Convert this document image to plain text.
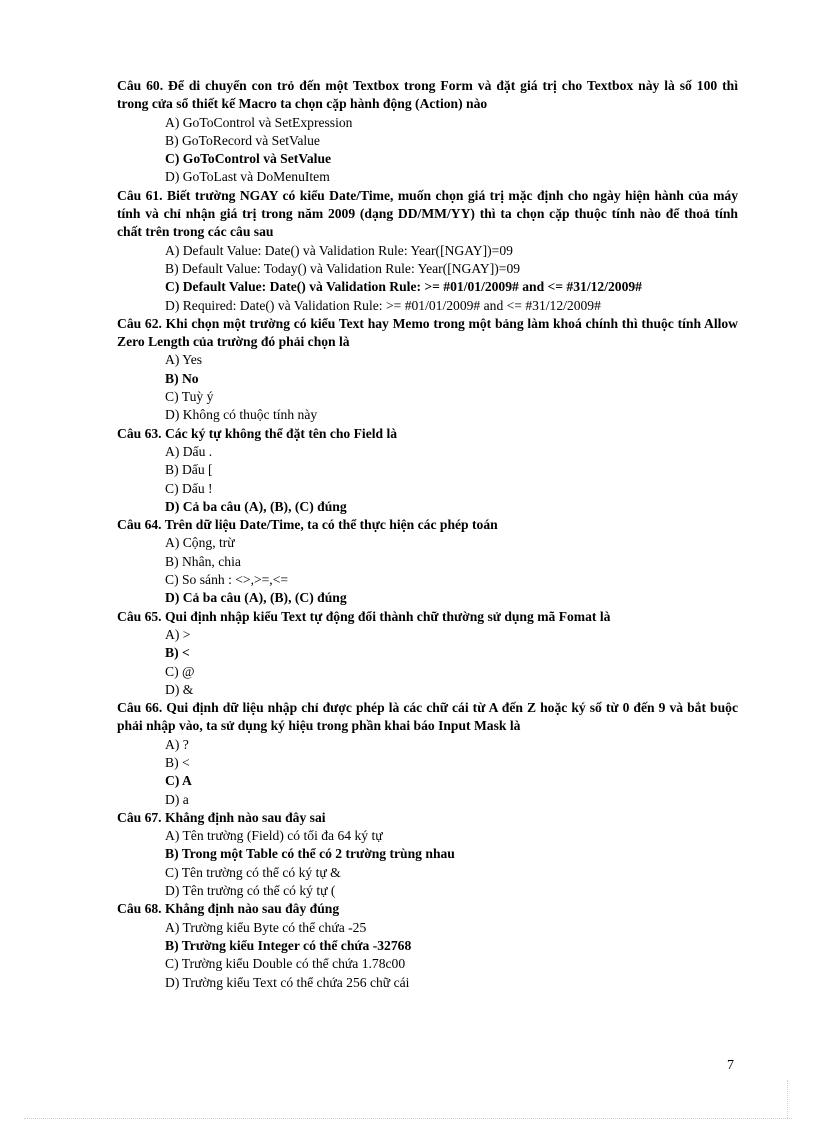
Câu 60. Để di chuyển con trỏ đến một Textbox trong Form và đặt giá trị cho Textbox này là số 100 thì trong cửa sổ thiết kế Macro ta chọn cặp hành động (Action) nào
A) GoToControl và SetExpression
B) GoToRecord và SetValue
C) GoToControl và SetValue
D) GoToLast và DoMenuItem
Câu 61. Biết trường NGAY có kiểu Date/Time, muốn chọn giá trị mặc định cho ngày hiện hành của máy tính và chỉ nhận giá trị trong năm 2009 (dạng DD/MM/YY) thì ta chọn cặp thuộc tính nào để thoả tính chất trên trong các câu sau
A) Default Value: Date() và Validation Rule: Year([NGAY])=09
B) Default Value: Today() và Validation Rule: Year([NGAY])=09
C) Default Value: Date() và Validation Rule: >= #01/01/2009# and <= #31/12/2009#
D) Required: Date() và Validation Rule: >= #01/01/2009# and <= #31/12/2009#
Câu 62. Khi chọn một trường có kiểu Text hay Memo trong một bảng làm khoá chính thì thuộc tính Allow Zero Length của trường đó phải chọn là
A) Yes
B) No
C) Tuỳ ý
D) Không có thuộc tính này
Câu 63. Các ký tự không thể đặt tên cho Field là
A) Dấu .
B) Dấu [
C) Dấu !
D) Cả ba câu (A), (B), (C) đúng
Câu 64. Trên dữ liệu Date/Time, ta có thể thực hiện các phép toán
A) Cộng, trừ
B) Nhân, chia
C) So sánh : <>,>=,<=
D) Cả ba câu (A), (B), (C) đúng
Câu 65. Qui định nhập kiểu Text tự động đổi thành chữ thường sử dụng mã Fomat là
A) >
B) <
C) @
D) &
Câu 66. Qui định dữ liệu nhập chỉ được phép là các chữ cái từ A đến Z hoặc ký số từ 0 đến 9 và bắt buộc phải nhập vào, ta sử dụng ký hiệu trong phần khai báo Input Mask là
A) ?
B) <
C) A
D) a
Câu 67. Khẳng định nào sau đây sai
A) Tên trường (Field) có tối đa 64 ký tự
B) Trong một Table có thể có 2 trường trùng nhau
C) Tên trường có thể có ký tự &
D) Tên trường có thể có ký tự (
Câu 68. Khẳng định nào sau đây đúng
A) Trường kiểu Byte có thể chứa -25
B) Trường kiểu Integer có thể chứa -32768
C) Trường kiểu Double có thể chứa 1.78c00
D) Trường kiểu Text có thể chứa 256 chữ cái
7
